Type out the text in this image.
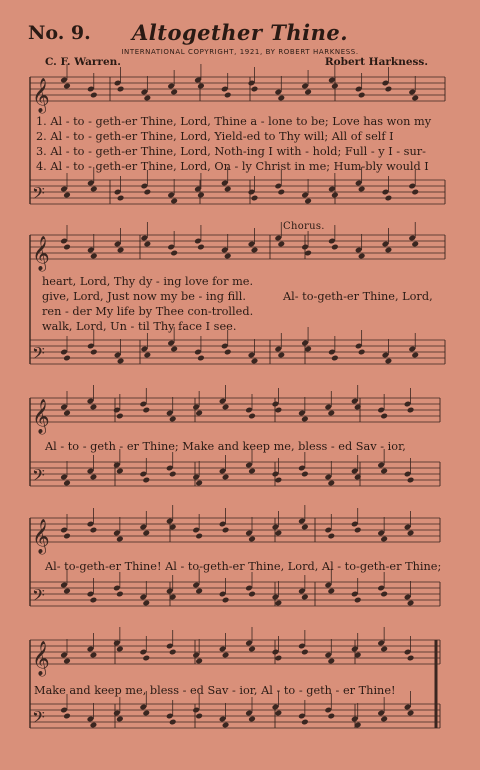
No. 9.	Altogether Thine.
INTERNATIONAL COPYRIGHT, 1921, BY ROBERT HARKNESS.
C. F. Warren.	Robert Harkness.
𝄞
𝄢
𝄞
𝄢
𝄞
𝄢
𝄞
𝄢
𝄞
𝄢
1. Al - to - geth-er Thine, Lord, Thine a - lone to be; Love has won my
2. Al - to - geth-er Thine, Lord, Yield-ed to Thy will; All of self I
3. Al - to - geth-er Thine, Lord, Noth-ing I with - hold; Full - y I - sur-
4. Al - to - geth-er Thine, Lord, On - ly Christ in me; Hum-bly would I
Chorus.
heart, Lord, Thy dy - ing love for me.
give, Lord, Just now my be - ing fill.
ren - der My life by Thee con-trolled.
walk, Lord, Un - til Thy face I see.
Al- to-geth-er Thine, Lord,
Al - to - geth - er Thine; Make and keep me, bless - ed Sav - ior,
Al- to-geth-er Thine! Al - to-geth-er Thine, Lord, Al - to-geth-er Thine;
Make and keep me, bless - ed Sav - ior, Al - to - geth - er Thine!
